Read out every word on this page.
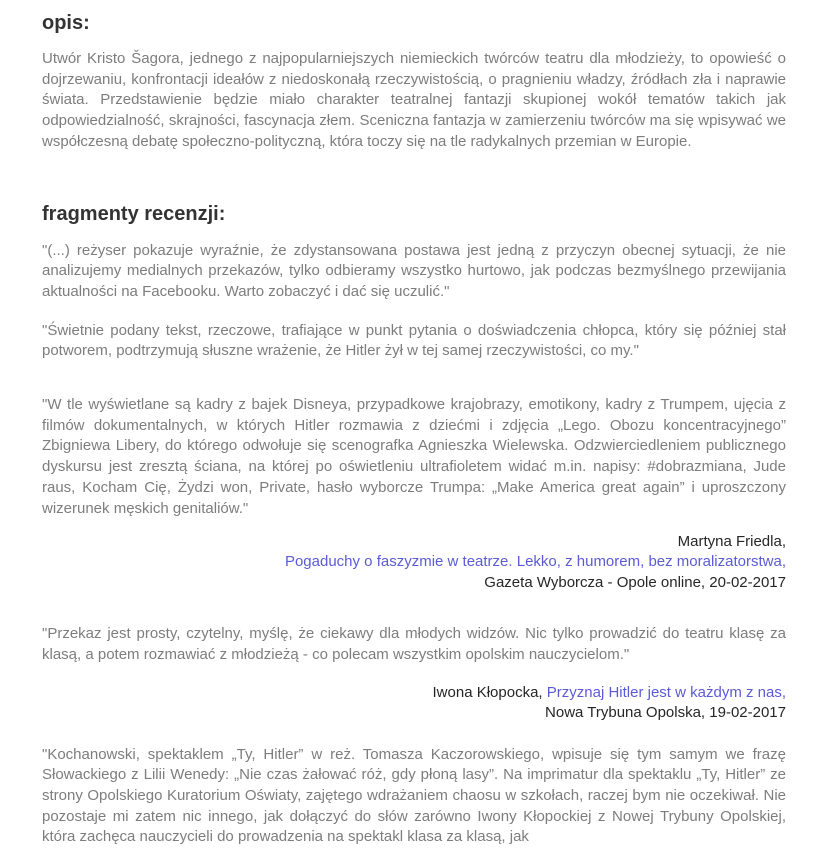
opis:

Utwór Kristo Šagora, jednego z najpopularniejszych niemieckich twórców teatru dla młodzieży, to opowieść o dojrzewaniu, konfrontacji ideałów z niedoskonałą rzeczywistością, o pragnieniu władzy, źródłach zła i naprawie świata. Przedstawienie będzie miało charakter teatralnej fantazji skupionej wokół tematów takich jak odpowiedzialność, skrajności, fascynacja złem. Sceniczna fantazja w zamierzeniu twórców ma się wpisywać we współczesną debatę społeczno-polityczną, która toczy się na tle radykalnych przemian w Europie.

fragmenty recenzji:

"(...) reżyser pokazuje wyraźnie, że zdystansowana postawa jest jedną z przyczyn obecnej sytuacji, że nie analizujemy medialnych przekazów, tylko odbieramy wszystko hurtowo, jak podczas bezmyślnego przewijania aktualności na Facebooku. Warto zobaczyć i dać się uczulić."

"Świetnie podany tekst, rzeczowe, trafiające w punkt pytania o doświadczenia chłopca, który się później stał potworem, podtrzymują słuszne wrażenie, że Hitler żył w tej samej rzeczywistości, co my."

"W tle wyświetlane są kadry z bajek Disneya, przypadkowe krajobrazy, emotikony, kadry z Trumpem, ujęcia z filmów dokumentalnych, w których Hitler rozmawia z dziećmi i zdjęcia „Lego. Obozu koncentracyjnego” Zbigniewa Libery, do którego odwołuje się scenografka Agnieszka Wielewska. Odzwierciedleniem publicznego dyskursu jest zresztą ściana, na której po oświetleniu ultrafioletem widać m.in. napisy: #dobrazmiana, Jude raus, Kocham Cię, Żydzi won, Private, hasło wyborcze Trumpa: „Make America great again” i uproszczony wizerunek męskich genitaliów."

Martyna Friedla,
Pogaduchy o faszyzmie w teatrze. Lekko, z humorem, bez moralizatorstwa,
Gazeta Wyborcza - Opole online, 20-02-2017

"Przekaz jest prosty, czytelny, myślę, że ciekawy dla młodych widzów. Nic tylko prowadzić do teatru klasę za klasą, a potem rozmawiać z młodzieżą - co polecam wszystkim opolskim nauczycielom."

Iwona Kłopocka, Przyznaj Hitler jest w każdym z nas,
Nowa Trybuna Opolska, 19-02-2017

"Kochanowski, spektaklem „Ty, Hitler” w reż. Tomasza Kaczorowskiego, wpisuje się tym samym we frazę Słowackiego z Lilii Wenedy: „Nie czas żałować róż, gdy płoną lasy”. Na imprimatur dla spektaklu „Ty, Hitler” ze strony Opolskiego Kuratorium Oświaty, zajętego wdrażaniem chaosu w szkołach, raczej bym nie oczekiwał. Nie pozostaje mi zatem nic innego, jak dołączyć do słów zarówno Iwony Kłopockiej z Nowej Trybuny Opolskiej, która zachęca nauczycieli do prowadzenia na spektakl klasa za klasą, jak
